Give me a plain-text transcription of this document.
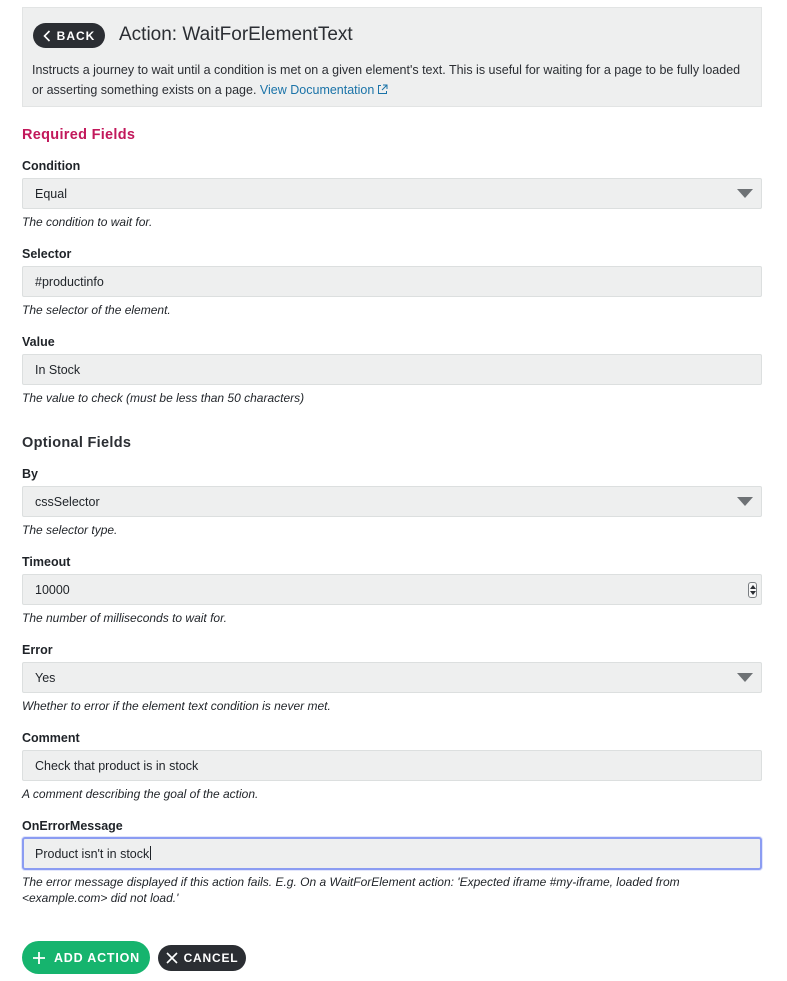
BACK Action: WaitForElementText
Instructs a journey to wait until a condition is met on a given element's text. This is useful for waiting for a page to be fully loaded or asserting something exists on a page. View Documentation
Required Fields
Condition
Equal
The condition to wait for.
Selector
#productinfo
The selector of the element.
Value
In Stock
The value to check (must be less than 50 characters)
Optional Fields
By
cssSelector
The selector type.
Timeout
10000
The number of milliseconds to wait for.
Error
Yes
Whether to error if the element text condition is never met.
Comment
Check that product is in stock
A comment describing the goal of the action.
OnErrorMessage
Product isn't in stock
The error message displayed if this action fails. E.g. On a WaitForElement action: 'Expected iframe #my-iframe, loaded from <example.com> did not load.'
ADD ACTION	CANCEL
